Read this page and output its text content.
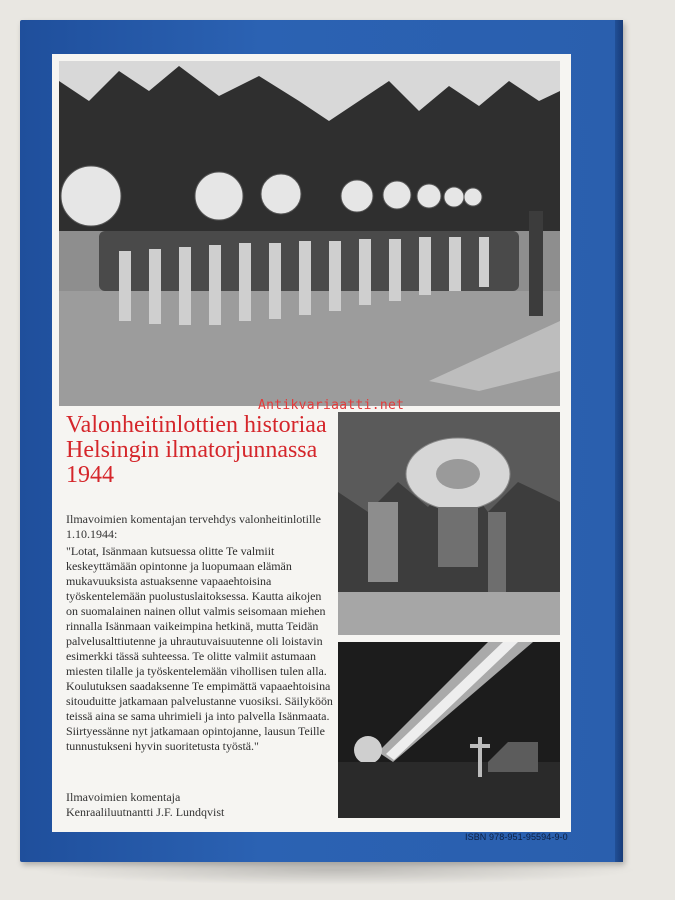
Antikvariaatti.net
Valonheitinlottien historiaa Helsingin ilmatorjunnassa 1944

Ilmavoimien komentajan tervehdys valonheitinlotille 1.10.1944:

"Lotat, Isänmaan kutsuessa olitte Te valmiit keskeyttämään opintonne ja luopumaan elämän mukavuuksista astuaksenne vapaaehtoisina työskentelemään puolustuslaitoksessa. Kautta aikojen on suomalainen nainen ollut valmis seisomaan miehen rinnalla Isänmaan vaikeimpina hetkinä, mutta Teidän palvelusalttiutenne ja uhrautuvaisuutenne oli loistavin esimerkki tässä suhteessa. Te olitte valmiit astumaan miesten tilalle ja työskentelemään vihollisen tulen alla. Koulutuksen saadaksenne Te empimättä vapaaehtoisina sitouduitte jatkamaan palvelustanne vuosiksi. Säilyköön teissä aina se sama uhrimieli ja into palvella Isänmaata. Siirtyessänne nyt jatkamaan opintojanne, lausun Teille tunnustukseni hyvin suoritetusta työstä."

Ilmavoimien komentaja
Kenraaliluutnantti J.F. Lundqvist

ISBN 978-951-95594-9-0
